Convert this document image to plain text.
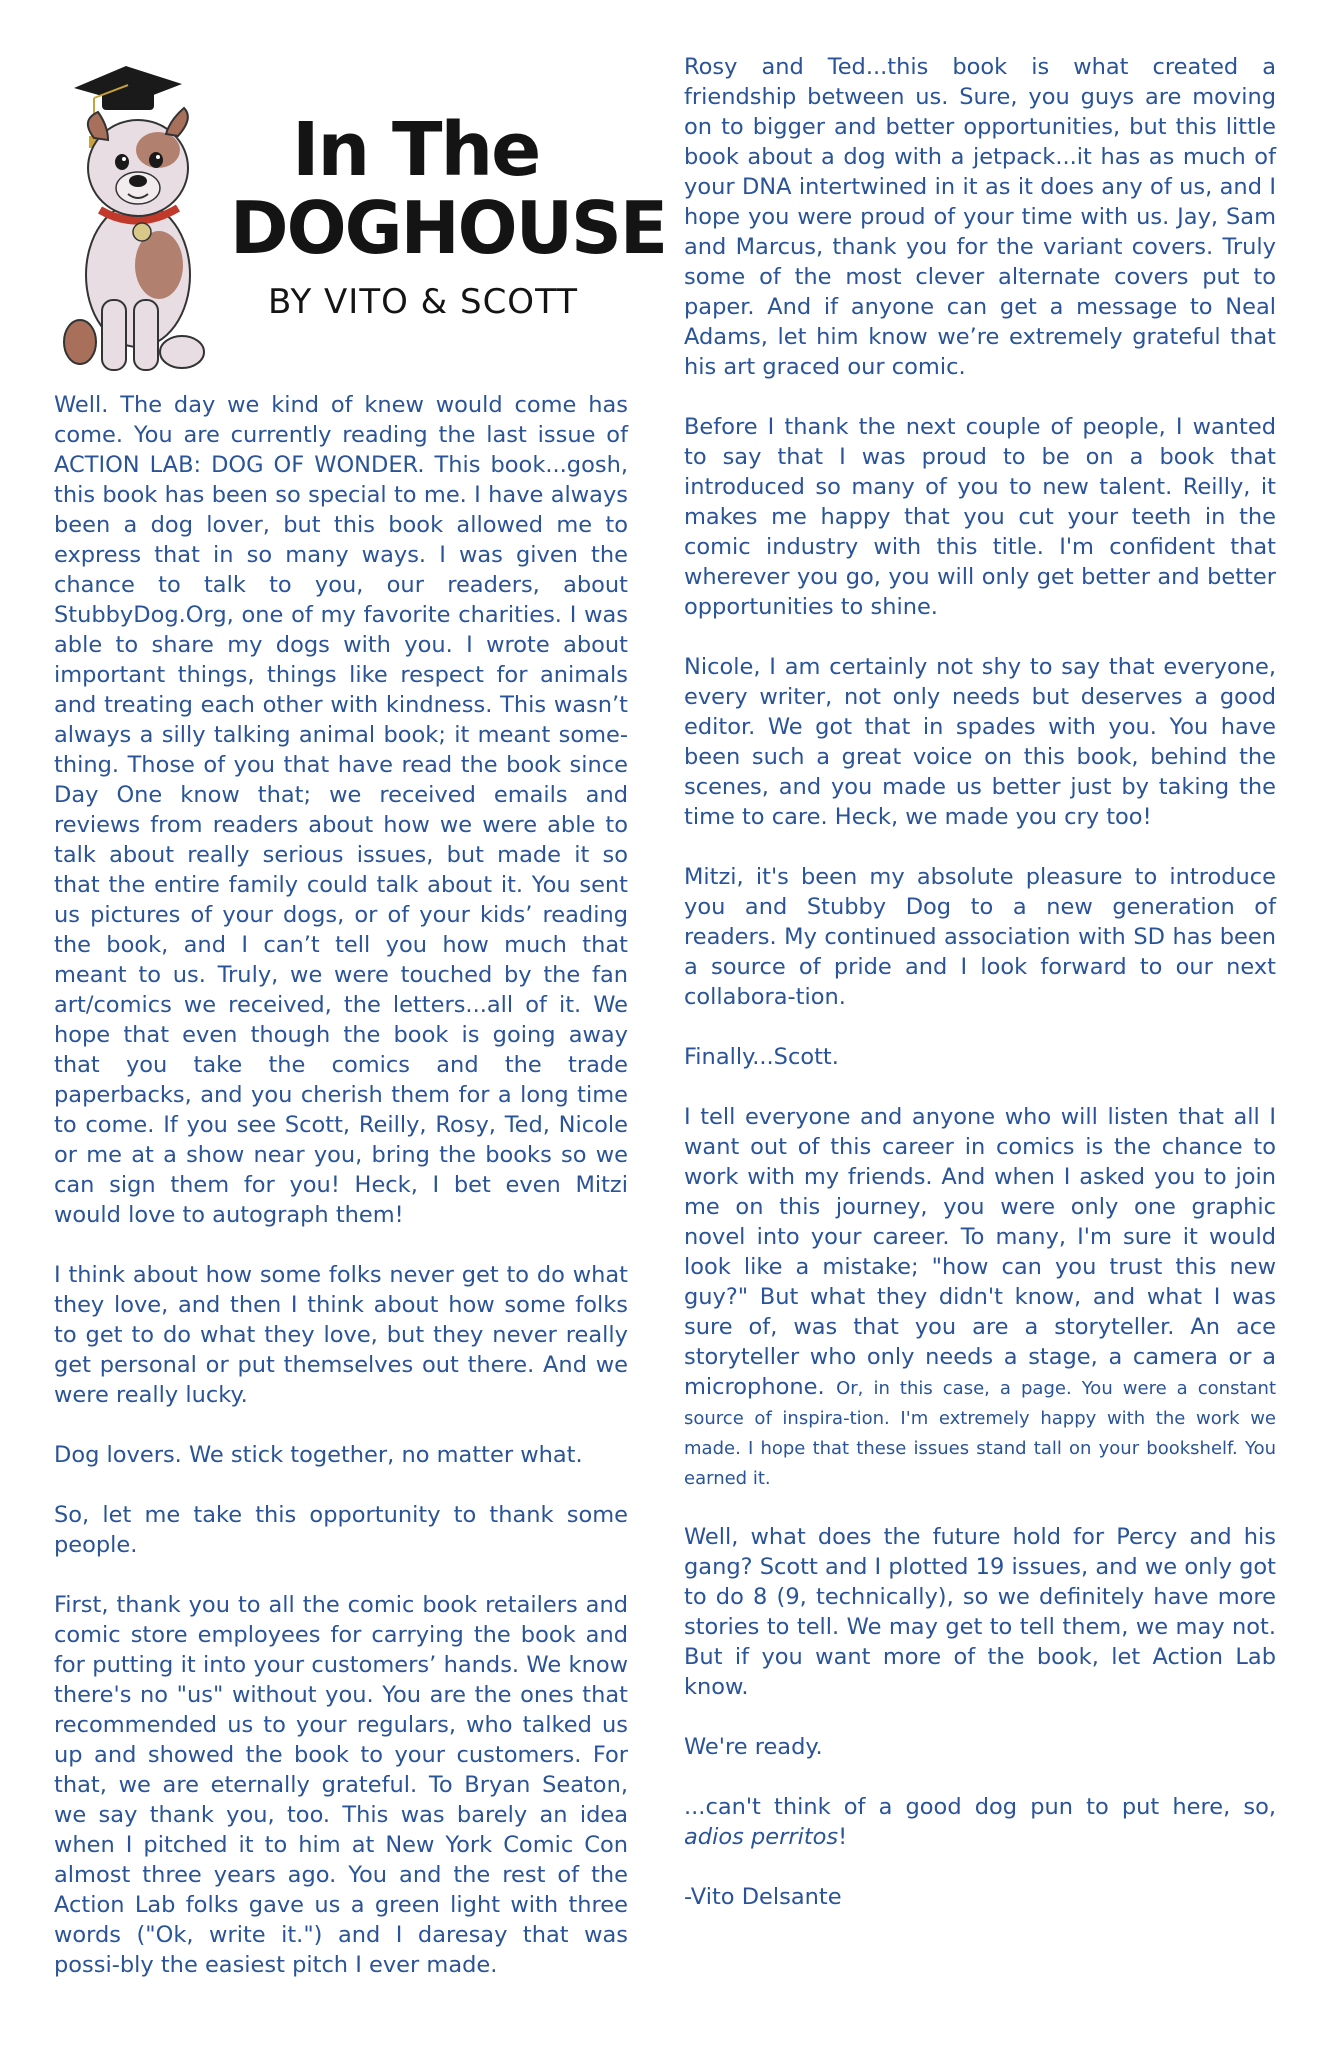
In The
DOGHOUSE
BY VITO & SCOTT

Well. The day we kind of knew would come has come. You are currently reading the last issue of ACTION LAB: DOG OF WONDER. This book...gosh, this book has been so special to me. I have always been a dog lover, but this book allowed me to express that in so many ways. I was given the chance to talk to you, our readers, about StubbyDog.Org, one of my favorite charities. I was able to share my dogs with you. I wrote about important things, things like respect for animals and treating each other with kindness. This wasn’t always a silly talking animal book; it meant some-thing. Those of you that have read the book since Day One know that; we received emails and reviews from readers about how we were able to talk about really serious issues, but made it so that the entire family could talk about it. You sent us pictures of your dogs, or of your kids’ reading the book, and I can’t tell you how much that meant to us. Truly, we were touched by the fan art/comics we received, the letters...all of it. We hope that even though the book is going away that you take the comics and the trade paperbacks, and you cherish them for a long time to come. If you see Scott, Reilly, Rosy, Ted, Nicole or me at a show near you, bring the books so we can sign them for you! Heck, I bet even Mitzi would love to autograph them!

I think about how some folks never get to do what they love, and then I think about how some folks to get to do what they love, but they never really get personal or put themselves out there. And we were really lucky.

Dog lovers. We stick together, no matter what.

So, let me take this opportunity to thank some people.

First, thank you to all the comic book retailers and comic store employees for carrying the book and for putting it into your customers’ hands. We know there's no "us" without you. You are the ones that recommended us to your regulars, who talked us up and showed the book to your customers. For that, we are eternally grateful. To Bryan Seaton, we say thank you, too. This was barely an idea when I pitched it to him at New York Comic Con almost three years ago. You and the rest of the Action Lab folks gave us a green light with three words ("Ok, write it.") and I daresay that was possi-bly the easiest pitch I ever made.

Rosy and Ted...this book is what created a friendship between us. Sure, you guys are moving on to bigger and better opportunities, but this little book about a dog with a jetpack...it has as much of your DNA intertwined in it as it does any of us, and I hope you were proud of your time with us. Jay, Sam and Marcus, thank you for the variant covers. Truly some of the most clever alternate covers put to paper. And if anyone can get a message to Neal Adams, let him know we’re extremely grateful that his art graced our comic.

Before I thank the next couple of people, I wanted to say that I was proud to be on a book that introduced so many of you to new talent. Reilly, it makes me happy that you cut your teeth in the comic industry with this title. I'm confident that wherever you go, you will only get better and better opportunities to shine.

Nicole, I am certainly not shy to say that everyone, every writer, not only needs but deserves a good editor. We got that in spades with you. You have been such a great voice on this book, behind the scenes, and you made us better just by taking the time to care. Heck, we made you cry too!

Mitzi, it's been my absolute pleasure to introduce you and Stubby Dog to a new generation of readers. My continued association with SD has been a source of pride and I look forward to our next collabora-tion.

Finally...Scott.

I tell everyone and anyone who will listen that all I want out of this career in comics is the chance to work with my friends. And when I asked you to join me on this journey, you were only one graphic novel into your career. To many, I'm sure it would look like a mistake; "how can you trust this new guy?" But what they didn't know, and what I was sure of, was that you are a storyteller. An ace storyteller who only needs a stage, a camera or a microphone. Or, in this case, a page. You were a constant source of inspira-tion. I'm extremely happy with the work we made. I hope that these issues stand tall on your bookshelf. You earned it.

Well, what does the future hold for Percy and his gang? Scott and I plotted 19 issues, and we only got to do 8 (9, technically), so we definitely have more stories to tell. We may get to tell them, we may not. But if you want more of the book, let Action Lab know.

We're ready.

...can't think of a good dog pun to put here, so, adios perritos!

-Vito Delsante
